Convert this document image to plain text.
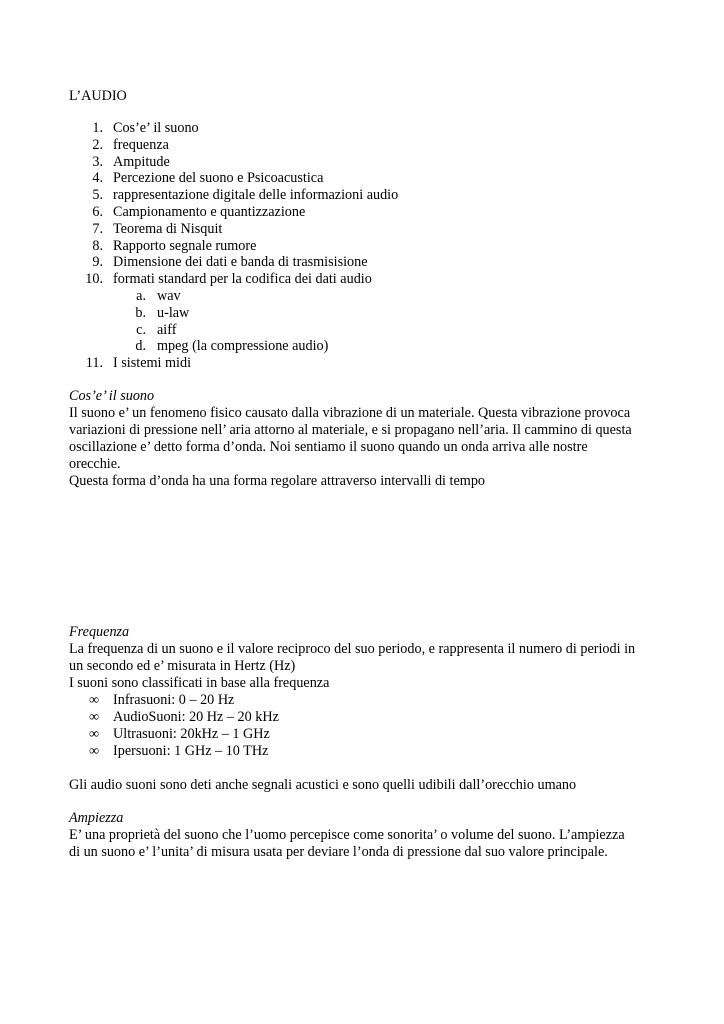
L’AUDIO
1. Cos’e’ il suono
2. frequenza
3. Ampitude
4. Percezione del suono e Psicoacustica
5. rappresentazione digitale delle informazioni audio
6. Campionamento e quantizzazione
7. Teorema di Nisquit
8. Rapporto segnale rumore
9. Dimensione dei dati e banda di trasmisisione
10. formati standard per la codifica dei dati audio
a. wav
b. u-law
c. aiff
d. mpeg (la compressione audio)
11. I sistemi midi
Cos’e’ il suono
Il suono e’ un fenomeno fisico causato dalla vibrazione di un materiale. Questa vibrazione provoca
variazioni di pressione nell’ aria attorno al materiale, e si propagano nell’aria. Il cammino di questa
oscillazione e’ detto forma d’onda. Noi sentiamo il suono quando un onda arriva alle nostre
orecchie.
Questa forma d’onda ha una forma regolare attraverso intervalli di tempo
Frequenza
La frequenza di un suono e il valore reciproco del suo periodo, e rappresenta il numero di periodi in
un secondo ed e’ misurata in Hertz (Hz)
I suoni sono classificati in base alla frequenza
∞ Infrasuoni: 0 – 20 Hz
∞ AudioSuoni: 20 Hz – 20 kHz
∞ Ultrasuoni: 20kHz – 1 GHz
∞ Ipersuoni: 1 GHz – 10 THz
Gli audio suoni sono deti anche segnali acustici e sono quelli udibili dall’orecchio umano
Ampiezza
E’ una proprietà del suono che l’uomo percepisce come sonorita’ o volume del suono. L’ampiezza
di un suono e’ l’unita’ di misura usata per deviare l’onda di pressione dal suo valore principale.
